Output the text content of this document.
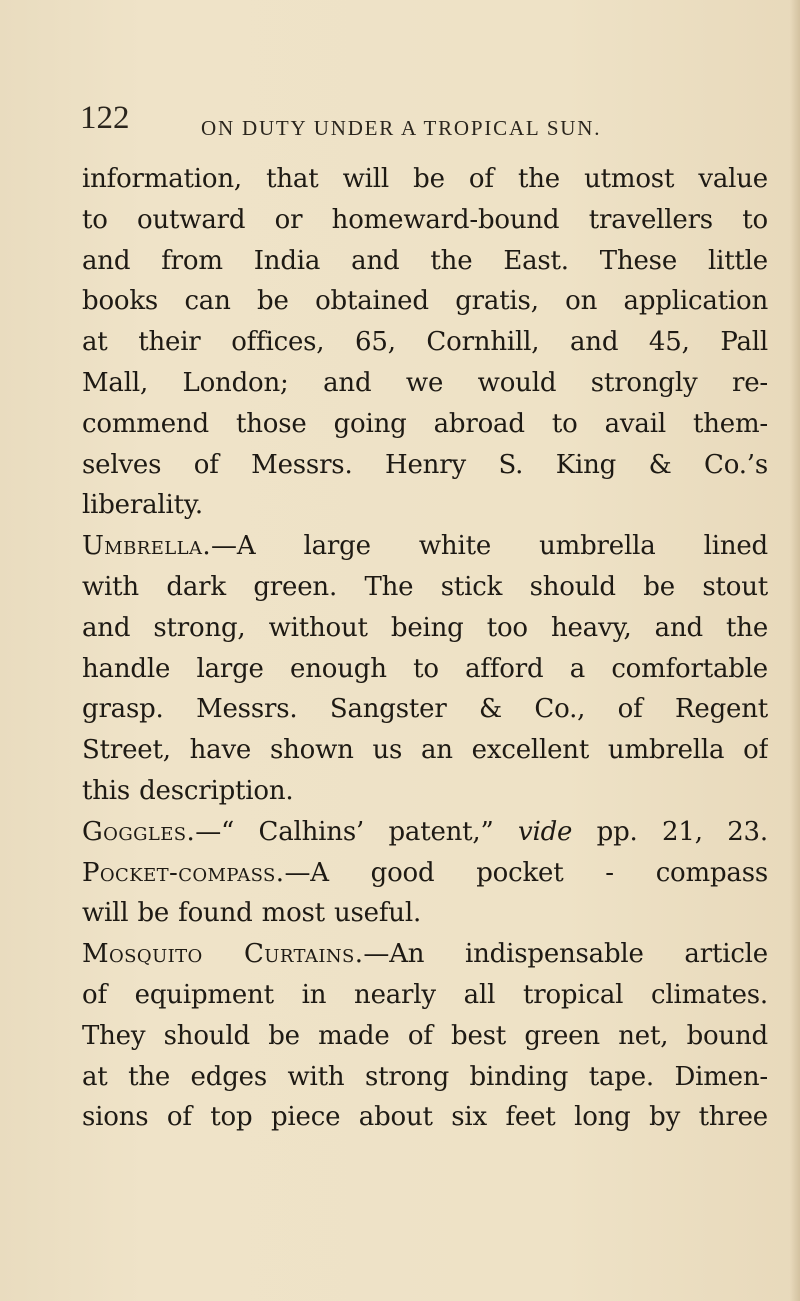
122	ON DUTY UNDER A TROPICAL SUN.
information, that will be of the utmost value
to outward or homeward-bound travellers to
and from India and the East. These little
books can be obtained gratis, on application
at their offices, 65, Cornhill, and 45, Pall
Mall, London; and we would strongly re-
commend those going abroad to avail them-
selves of Messrs. Henry S. King & Co.’s
liberality.
Umbrella.—A large white umbrella lined
with dark green. The stick should be stout
and strong, without being too heavy, and the
handle large enough to afford a comfortable
grasp. Messrs. Sangster & Co., of Regent
Street, have shown us an excellent umbrella of
this description.
Goggles.—“ Calhins’ patent,” vide pp. 21, 23.
Pocket-compass.—A good pocket - compass
will be found most useful.
Mosquito Curtains.—An indispensable article
of equipment in nearly all tropical climates.
They should be made of best green net, bound
at the edges with strong binding tape. Dimen-
sions of top piece about six feet long by three
